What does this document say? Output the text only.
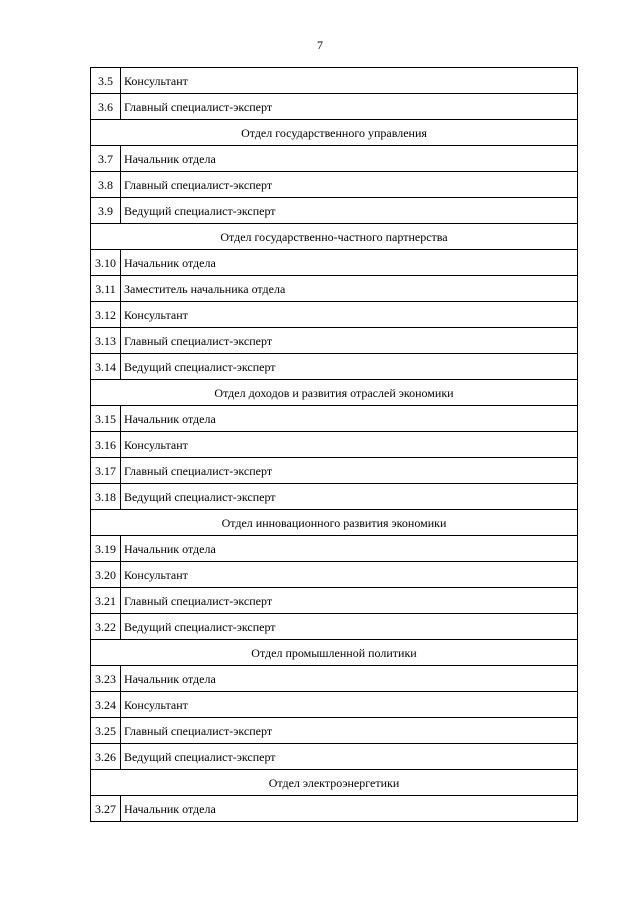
7
3.5	Консультант
3.6	Главный специалист-эксперт
Отдел государственного управления	
3.7	Начальник отдела
3.8	Главный специалист-эксперт
3.9	Ведущий специалист-эксперт
Отдел государственно-частного партнерства	
3.10	Начальник отдела
3.11	Заместитель начальника отдела
3.12	Консультант
3.13	Главный специалист-эксперт
3.14	Ведущий специалист-эксперт
Отдел доходов и развития отраслей экономики	
3.15	Начальник отдела
3.16	Консультант
3.17	Главный специалист-эксперт
3.18	Ведущий специалист-эксперт
Отдел инновационного развития экономики	
3.19	Начальник отдела
3.20	Консультант
3.21	Главный специалист-эксперт
3.22	Ведущий специалист-эксперт
Отдел промышленной политики	
3.23	Начальник отдела
3.24	Консультант
3.25	Главный специалист-эксперт
3.26	Ведущий специалист-эксперт
Отдел электроэнергетики	
3.27	Начальник отдела
